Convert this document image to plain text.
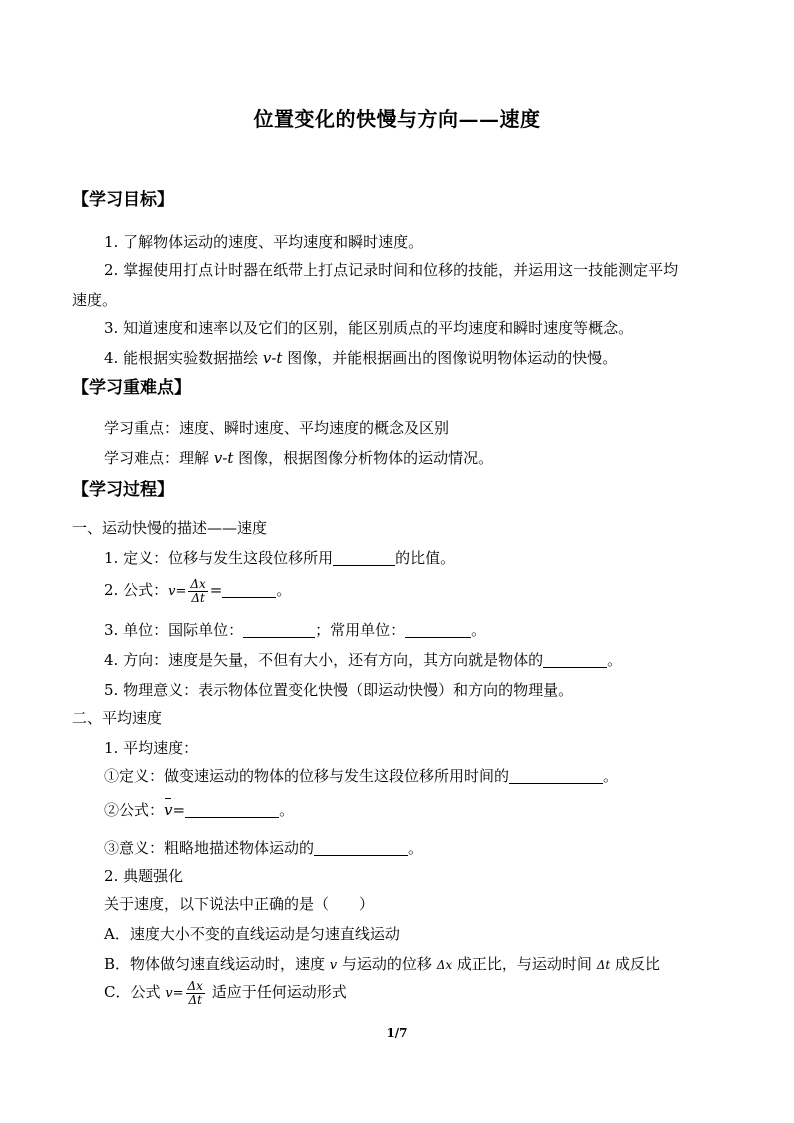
位置变化的快慢与方向——速度
【学习目标】
1. 了解物体运动的速度、平均速度和瞬时速度。
2. 掌握使用打点计时器在纸带上打点记录时间和位移的技能，并运用这一技能测定平均
速度。
3. 知道速度和速率以及它们的区别，能区别质点的平均速度和瞬时速度等概念。
4. 能根据实验数据描绘 v-t 图像，并能根据画出的图像说明物体运动的快慢。
【学习重难点】
学习重点：速度、瞬时速度、平均速度的概念及区别
学习难点：理解 v-t 图像，根据图像分析物体的运动情况。
【学习过程】
一、运动快慢的描述——速度
1. 定义：位移与发生这段位移所用	的比值。
2. 公式：$v= \frac{\Delta x}{\Delta t}$ =	。
3. 单位：国际单位：	；常用单位：	。
4. 方向：速度是矢量，不但有大小，还有方向，其方向就是物体的	。
5. 物理意义：表示物体位置变化快慢（即运动快慢）和方向的物理量。
二、平均速度
1. 平均速度：
①定义：做变速运动的物体的位移与发生这段位移所用时间的	。
②公式：v=	。
③意义：粗略地描述物体运动的	。
2. 典题强化
关于速度，以下说法中正确的是（　　）
A．速度大小不变的直线运动是匀速直线运动
B．物体做匀速直线运动时，速度 v 与运动的位移 Δx 成正比，与运动时间 Δt 成反比
C．公式 $v= \frac{\Delta x}{\Delta t}$ 适应于任何运动形式
1/7
